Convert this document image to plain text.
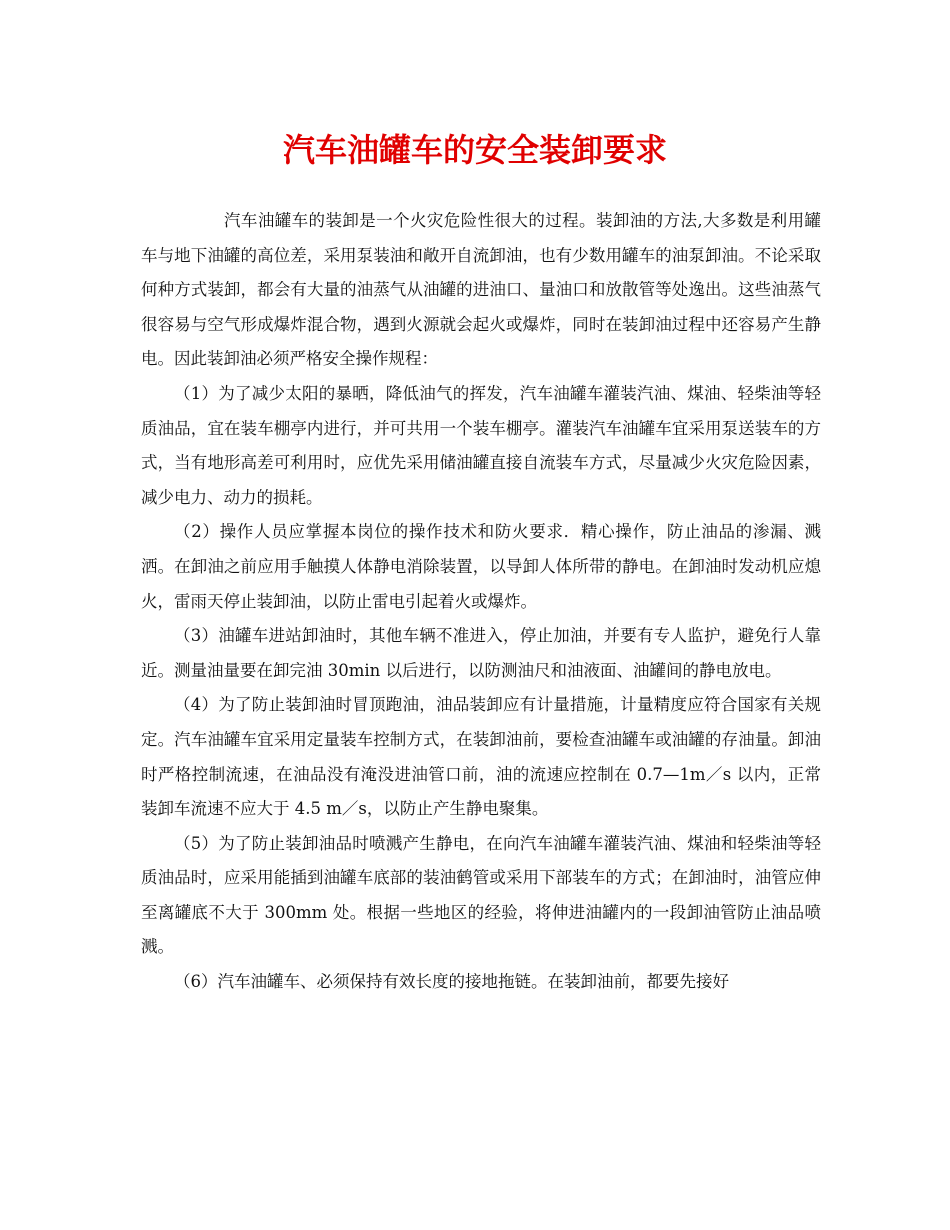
汽车油罐车的安全装卸要求

汽车油罐车的装卸是一个火灾危险性很大的过程。装卸油的方法,大多数是利用罐车与地下油罐的高位差，采用泵装油和敞开自流卸油，也有少数用罐车的油泵卸油。不论采取何种方式装卸，都会有大量的油蒸气从油罐的进油口、量油口和放散管等处逸出。这些油蒸气很容易与空气形成爆炸混合物，遇到火源就会起火或爆炸，同时在装卸油过程中还容易产生静电。因此装卸油必须严格安全操作规程：

（1）为了减少太阳的暴晒，降低油气的挥发，汽车油罐车灌装汽油、煤油、轻柴油等轻质油品，宜在装车棚亭内进行，并可共用一个装车棚亭。灌装汽车油罐车宜采用泵送装车的方式，当有地形高差可利用时，应优先采用储油罐直接自流装车方式，尽量减少火灾危险因素，减少电力、动力的损耗。

（2）操作人员应掌握本岗位的操作技术和防火要求．精心操作，防止油品的渗漏、溅洒。在卸油之前应用手触摸人体静电消除装置，以导卸人体所带的静电。在卸油时发动机应熄火，雷雨天停止装卸油，以防止雷电引起着火或爆炸。

（3）油罐车进站卸油时，其他车辆不准进入，停止加油，并要有专人监护，避免行人靠近。测量油量要在卸完油 30min 以后进行，以防测油尺和油液面、油罐间的静电放电。

（4）为了防止装卸油时冒顶跑油，油品装卸应有计量措施，计量精度应符合国家有关规定。汽车油罐车宜采用定量装车控制方式，在装卸油前，要检查油罐车或油罐的存油量。卸油时严格控制流速，在油品没有淹没进油管口前，油的流速应控制在 0.7—1m／s 以内，正常装卸车流速不应大于 4.5 m／s，以防止产生静电聚集。

（5）为了防止装卸油品时喷溅产生静电，在向汽车油罐车灌装汽油、煤油和轻柴油等轻质油品时，应采用能插到油罐车底部的装油鹤管或采用下部装车的方式；在卸油时，油管应伸至离罐底不大于 300mm 处。根据一些地区的经验，将伸进油罐内的一段卸油管防止油品喷溅。

（6）汽车油罐车、必须保持有效长度的接地拖链。在装卸油前，都要先接好
